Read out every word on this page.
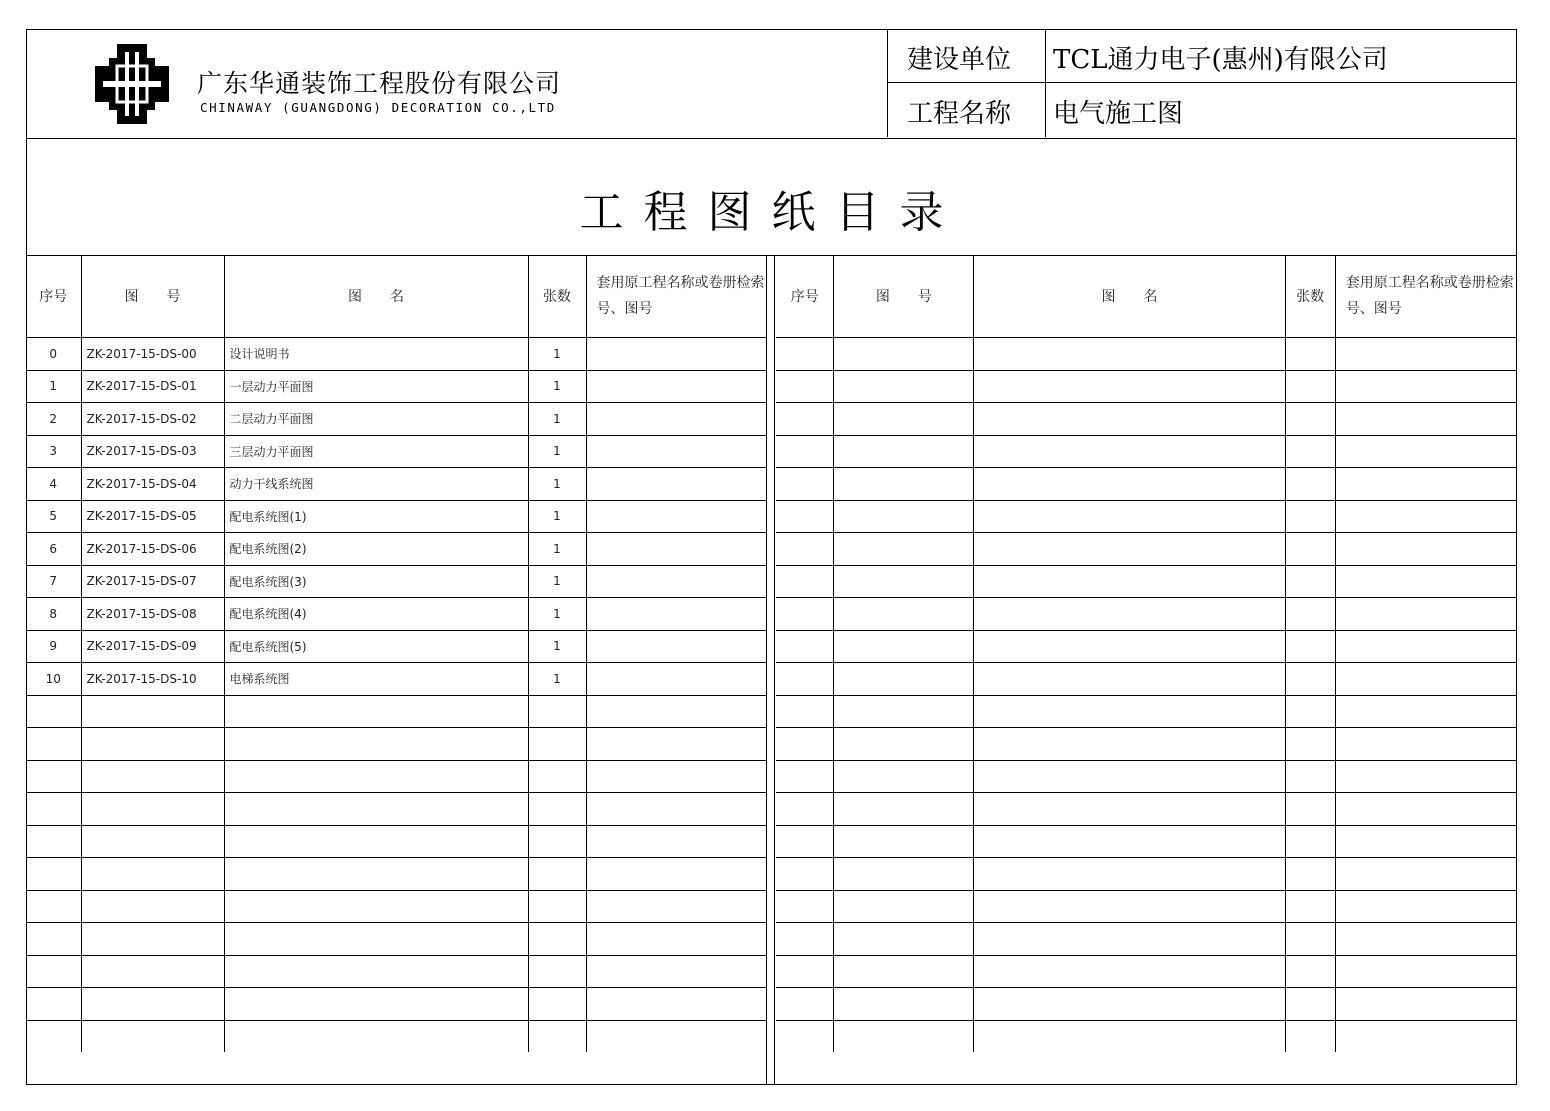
广东华通装饰工程股份有限公司
CHINAWAY (GUANGDONG) DECORATION CO.,LTD
建设单位 TCL通力电子(惠州)有限公司
工程名称 电气施工图
工程图纸目录
序号	图　　号	图　　名	张数	套用原工程名称或卷册检索号、图号
0	ZK-2017-15-DS-00	设计说明书	1	
1	ZK-2017-15-DS-01	一层动力平面图	1	
2	ZK-2017-15-DS-02	二层动力平面图	1	
3	ZK-2017-15-DS-03	三层动力平面图	1	
4	ZK-2017-15-DS-04	动力干线系统图	1	
5	ZK-2017-15-DS-05	配电系统图(1)	1	
6	ZK-2017-15-DS-06	配电系统图(2)	1	
7	ZK-2017-15-DS-07	配电系统图(3)	1	
8	ZK-2017-15-DS-08	配电系统图(4)	1	
9	ZK-2017-15-DS-09	配电系统图(5)	1	
10	ZK-2017-15-DS-10	电梯系统图	1	

序号	图　　号	图　　名	张数	套用原工程名称或卷册检索号、图号
